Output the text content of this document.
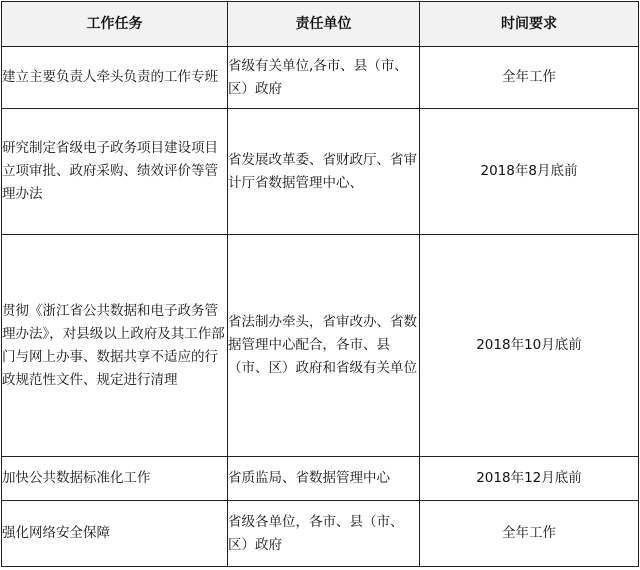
工作任务	责任单位	时间要求
建立主要负责人牵头负责的工作专班	省级有关单位,各市、县（市、区）政府	全年工作
研究制定省级电子政务项目建设项目立项审批、政府采购、绩效评价等管理办法	省发展改革委、省财政厅、省审计厅省数据管理中心、	2018年8月底前
贯彻《浙江省公共数据和电子政务管理办法》，对县级以上政府及其工作部门与网上办事、数据共享不适应的行政规范性文件、规定进行清理	省法制办牵头，省审改办、省数据管理中心配合，各市、县（市、区）政府和省级有关单位	2018年10月底前
加快公共数据标准化工作	省质监局、省数据管理中心	2018年12月底前
强化网络安全保障	省级各单位，各市、县（市、区）政府	全年工作
